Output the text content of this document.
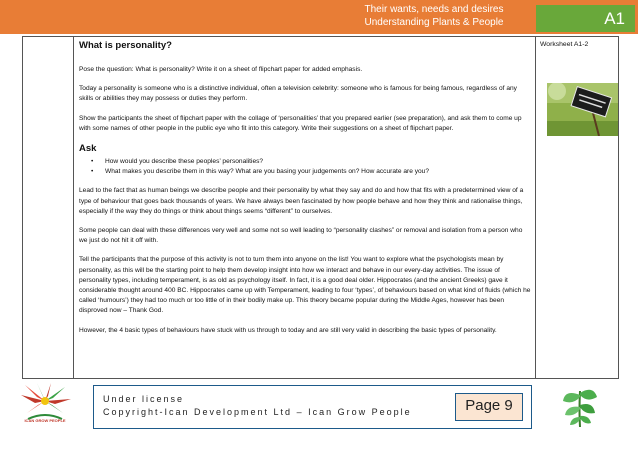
Their wants, needs and desires
Understanding Plants & People	A1
What is personality?

Pose the question: What is personality? Write it on a sheet of flipchart paper for added emphasis.

Today a personality is someone who is a distinctive individual, often a television celebrity: someone who is famous for being famous, regardless of any skills or abilities they may possess or duties they perform.

Show the participants the sheet of flipchart paper with the collage of ‘personalities’ that you prepared earlier (see preparation), and ask them to come up with some names of other people in the public eye who fit into this category. Write their suggestions on a sheet of flipchart paper.

Ask
• How would you describe these peoples’ personalities?
• What makes you describe them in this way? What are you basing your judgements on? How accurate are you?

Lead to the fact that as human beings we describe people and their personality by what they say and do and how that fits with a predetermined view of a type of behaviour that goes back thousands of years. We have always been fascinated by how people behave and how they think and rationalise things, especially if the way they do things or think about things seems “different” to ourselves.

Some people can deal with these differences very well and some not so well leading to “personality clashes” or removal and isolation from a person who we just do not hit it off with.

Tell the participants that the purpose of this activity is not to turn them into anyone on the list! You want to explore what the psychologists mean by personality, as this will be the starting point to help them develop insight into how we interact and behave in our every-day activities. The issue of personality types, including temperament, is as old as psychology itself. In fact, it is a good deal older. Hippocrates (and the ancient Greeks) gave it considerable thought around 400 BC. Hippocrates came up with Temperament, leading to four ‘types’, of behaviours based on what kind of fluids (which he called ‘humours’) they had too much or too little of in their bodily make up. This theory became popular during the Middle Ages, however has been disproved now – Thank God.

However, the 4 basic types of behaviours have stuck with us through to today and are still very valid in describing the basic types of personality.

Worksheet A1-2
ICAN GROW PEOPLE
Under license
Copyright-Ican Development Ltd – Ican Grow People	Page 9
